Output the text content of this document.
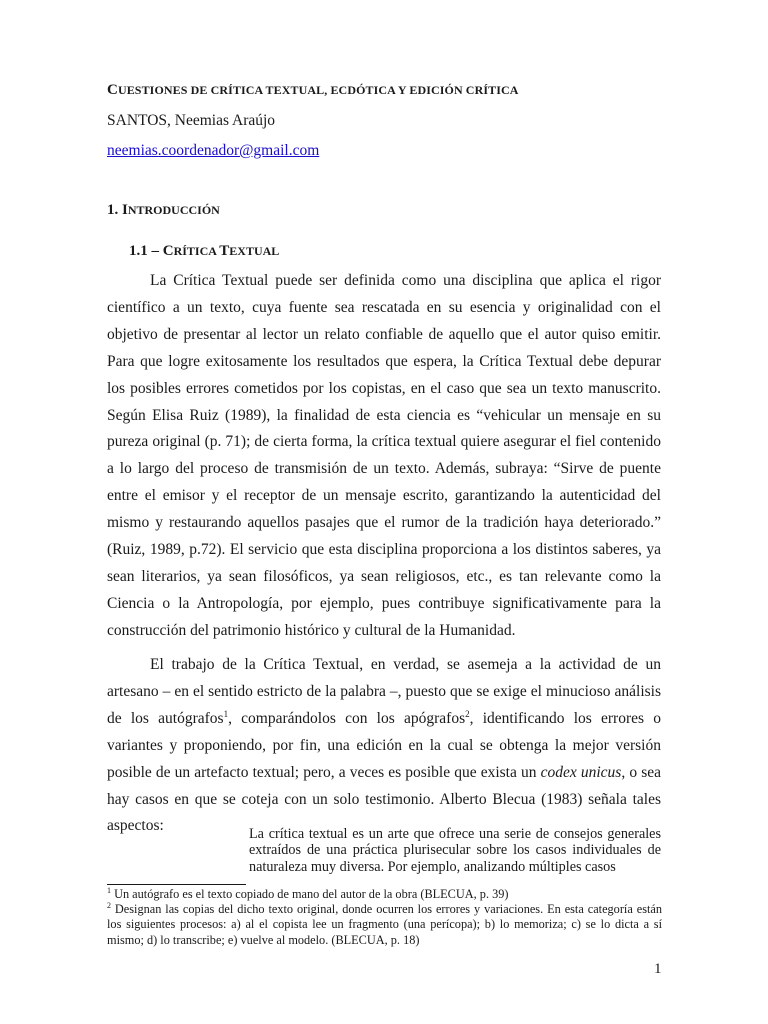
CUESTIONES DE CRÍTICA TEXTUAL, ECDÓTICA Y EDICIÓN CRÍTICA
SANTOS, Neemias Araújo
neemias.coordenador@gmail.com
1. INTRODUCCIÓN
1.1 – CRÍTICA TEXTUAL

La Crítica Textual puede ser definida como una disciplina que aplica el rigor científico a un texto, cuya fuente sea rescatada en su esencia y originalidad con el objetivo de presentar al lector un relato confiable de aquello que el autor quiso emitir. Para que logre exitosamente los resultados que espera, la Crítica Textual debe depurar los posibles errores cometidos por los copistas, en el caso que sea un texto manuscrito. Según Elisa Ruiz (1989), la finalidad de esta ciencia es “vehicular un mensaje en su pureza original (p. 71); de cierta forma, la crítica textual quiere asegurar el fiel contenido a lo largo del proceso de transmisión de un texto. Además, subraya: “Sirve de puente entre el emisor y el receptor de un mensaje escrito, garantizando la autenticidad del mismo y restaurando aquellos pasajes que el rumor de la tradición haya deteriorado.” (Ruiz, 1989, p.72). El servicio que esta disciplina proporciona a los distintos saberes, ya sean literarios, ya sean filosóficos, ya sean religiosos, etc., es tan relevante como la Ciencia o la Antropología, por ejemplo, pues contribuye significativamente para la construcción del patrimonio histórico y cultural de la Humanidad.

El trabajo de la Crítica Textual, en verdad, se asemeja a la actividad de un artesano – en el sentido estricto de la palabra –, puesto que se exige el minucioso análisis de los autógrafos$^1$, comparándolos con los apógrafos$^2$, identificando los errores o variantes y proponiendo, por fin, una edición en la cual se obtenga la mejor versión posible de un artefacto textual; pero, a veces es posible que exista un codex unicus, o sea hay casos en que se coteja con un solo testimonio. Alberto Blecua (1983) señala tales aspectos:	La crítica textual es un arte que ofrece una serie de consejos generales extraídos de una práctica plurisecular sobre los casos individuales de naturaleza muy diversa. Por ejemplo, analizando múltiples casos

$^1$ Un autógrafo es el texto copiado de mano del autor de la obra (BLECUA, p. 39)

$^2$ Designan las copias del dicho texto original, donde ocurren los errores y variaciones. En esta categoría están los siguientes procesos: a) al el copista lee un fragmento (una perícopa); b) lo memoriza; c) se lo dicta a sí mismo; d) lo transcribe; e) vuelve al modelo. (BLECUA, p. 18)

1
